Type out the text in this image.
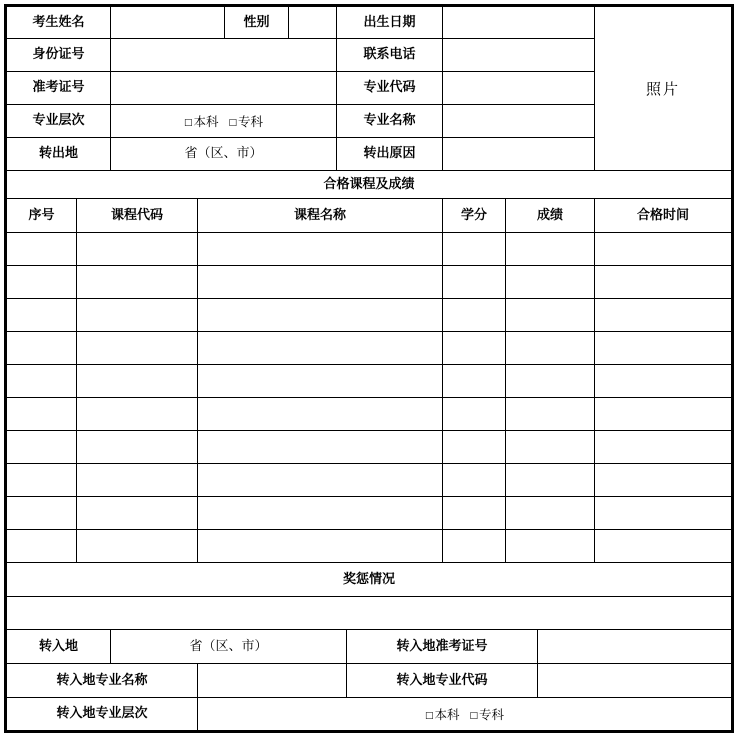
考生姓名				性别		出生日期					照片
身份证号						联系电话					
准考证号						专业代码					
专业层次		□本科 □专科				专业名称					
转出地		省（区、市）				转出原因					
合格课程及成绩											
序号	课程代码		课程名称					学分	成绩		合格时间

奖惩情况											

转入地		省（区、市）					转入地准考证号				
转入地专业名称							转入地专业代码				
转入地专业层次			□本科 □专科								
